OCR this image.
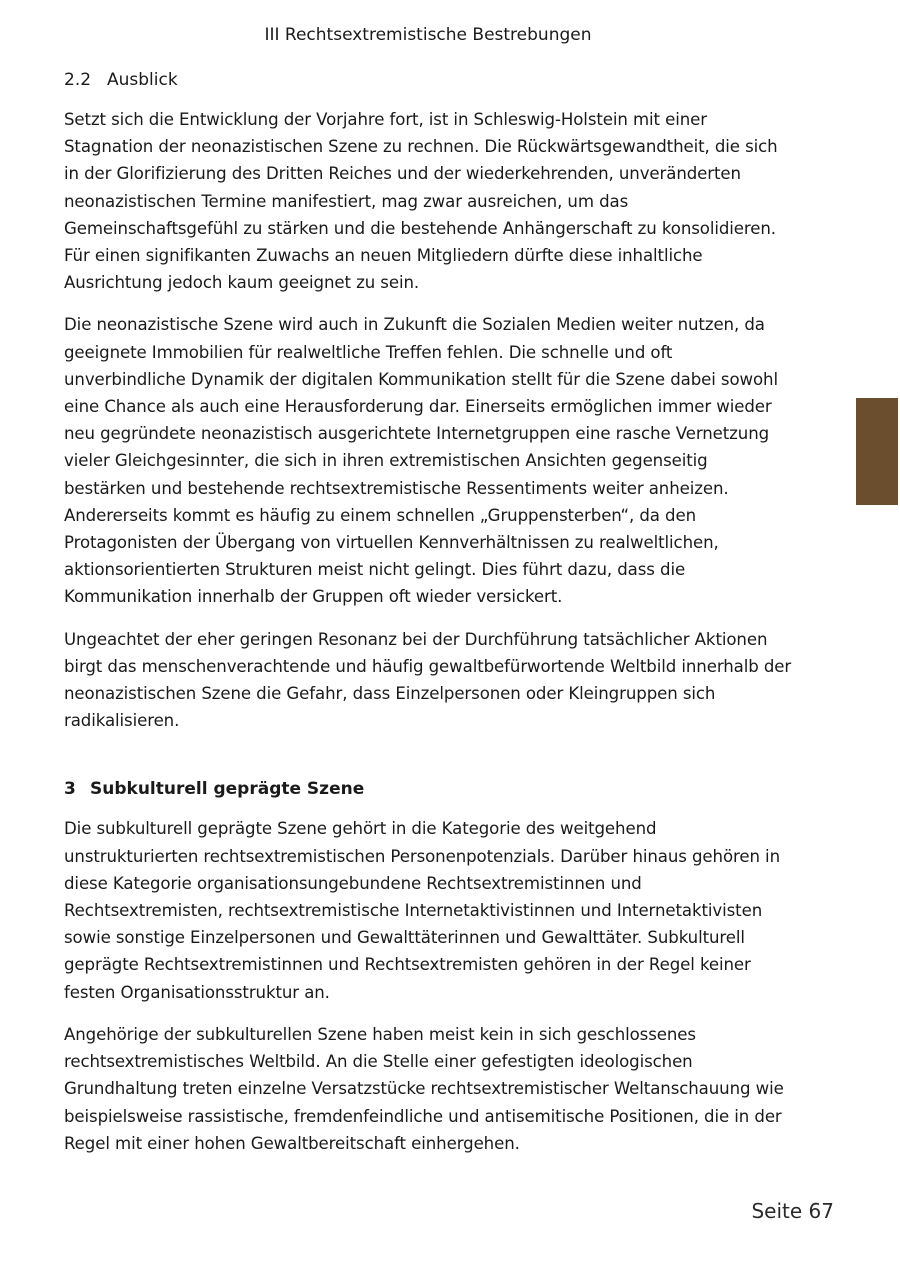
III Rechtsextremistische Bestrebungen
2.2 Ausblick

Setzt sich die Entwicklung der Vorjahre fort, ist in Schleswig-Holstein mit einer Stagnation der neonazistischen Szene zu rechnen. Die Rückwärtsgewandtheit, die sich in der Glorifizierung des Dritten Reiches und der wiederkehrenden, unveränderten neonazistischen Termine manifestiert, mag zwar ausreichen, um das Gemeinschaftsgefühl zu stärken und die bestehende Anhängerschaft zu konsolidieren. Für einen signifikanten Zuwachs an neuen Mitgliedern dürfte diese inhaltliche Ausrichtung jedoch kaum geeignet zu sein.

Die neonazistische Szene wird auch in Zukunft die Sozialen Medien weiter nutzen, da geeignete Immobilien für realweltliche Treffen fehlen. Die schnelle und oft unverbindliche Dynamik der digitalen Kommunikation stellt für die Szene dabei sowohl eine Chance als auch eine Herausforderung dar. Einerseits ermöglichen immer wieder neu gegründete neonazistisch ausgerichtete Internetgruppen eine rasche Vernetzung vieler Gleichgesinnter, die sich in ihren extremistischen Ansichten gegenseitig bestärken und bestehende rechtsextremistische Ressentiments weiter anheizen. Andererseits kommt es häufig zu einem schnellen „Gruppensterben“, da den Protagonisten der Übergang von virtuellen Kennverhältnissen zu realweltlichen, aktionsorientierten Strukturen meist nicht gelingt. Dies führt dazu, dass die Kommunikation innerhalb der Gruppen oft wieder versickert.

Ungeachtet der eher geringen Resonanz bei der Durchführung tatsächlicher Aktionen birgt das menschenverachtende und häufig gewaltbefürwortende Weltbild innerhalb der neonazistischen Szene die Gefahr, dass Einzelpersonen oder Kleingruppen sich radikalisieren.

3 Subkulturell geprägte Szene

Die subkulturell geprägte Szene gehört in die Kategorie des weitgehend unstrukturierten rechtsextremistischen Personenpotenzials. Darüber hinaus gehören in diese Kategorie organisationsungebundene Rechtsextremistinnen und Rechtsextremisten, rechtsextremistische Internetaktivistinnen und Internetaktivisten sowie sonstige Einzelpersonen und Gewalttäterinnen und Gewalttäter. Subkulturell geprägte Rechtsextremistinnen und Rechtsextremisten gehören in der Regel keiner festen Organisationsstruktur an.

Angehörige der subkulturellen Szene haben meist kein in sich geschlossenes rechtsextremistisches Weltbild. An die Stelle einer gefestigten ideologischen Grundhaltung treten einzelne Versatzstücke rechtsextremistischer Weltanschauung wie beispielsweise rassistische, fremdenfeindliche und antisemitische Positionen, die in der Regel mit einer hohen Gewaltbereitschaft einhergehen.

Seite 67
